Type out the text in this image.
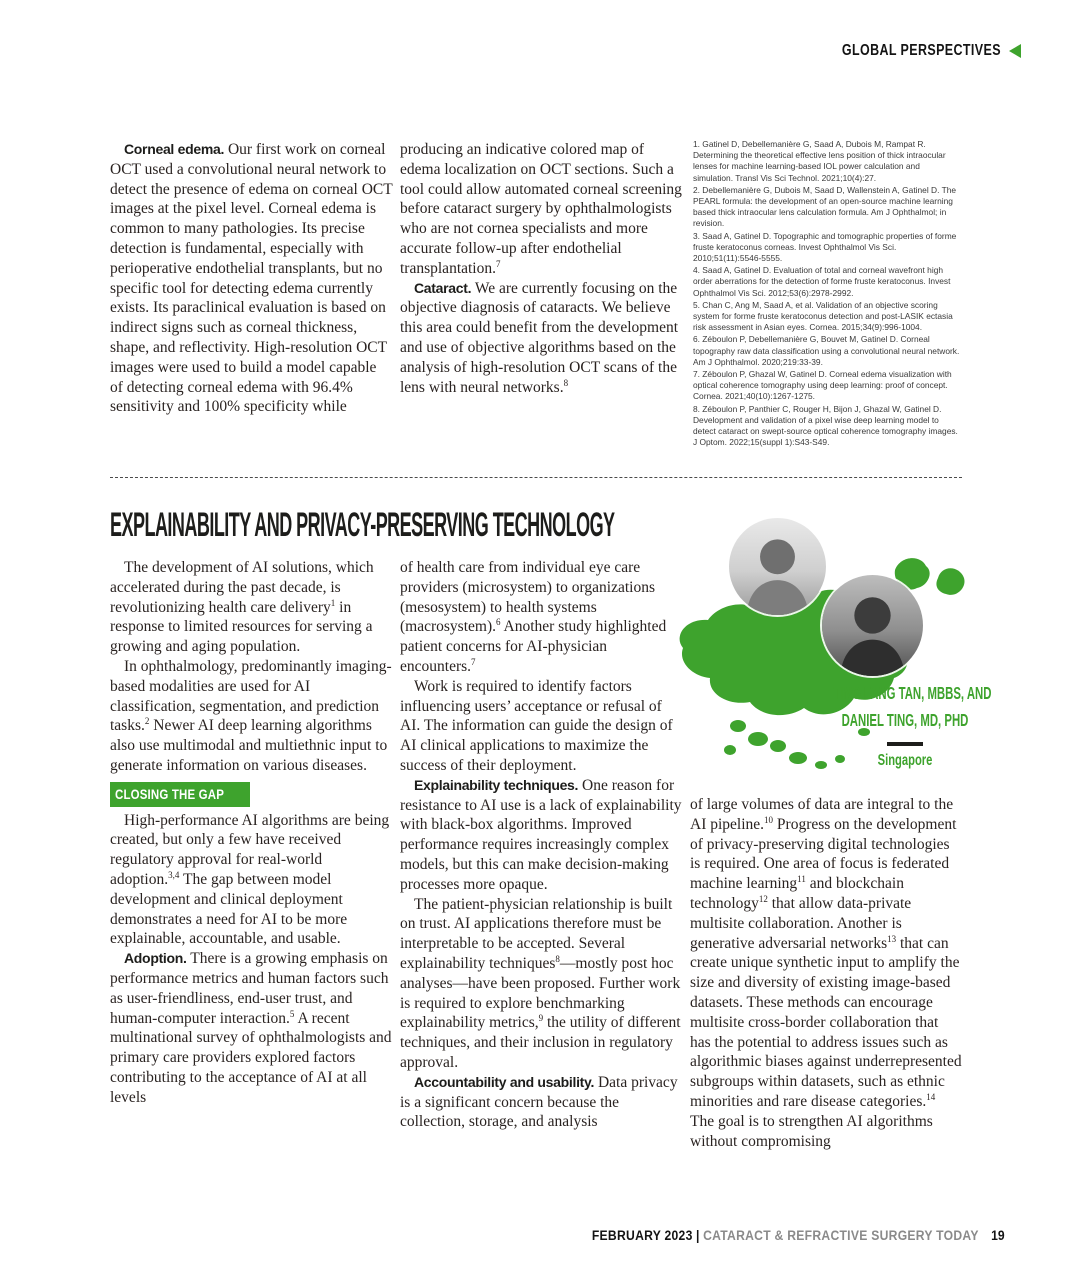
GLOBAL PERSPECTIVES

Corneal edema. Our first work on corneal OCT used a convolutional neural network to detect the presence of edema on corneal OCT images at the pixel level. Corneal edema is common to many pathologies. Its precise detection is fundamental, especially with perioperative endothelial transplants, but no specific tool for detecting edema currently exists. Its paraclinical evaluation is based on indirect signs such as corneal thickness, shape, and reflectivity. High-resolution OCT images were used to build a model capable of detecting corneal edema with 96.4% sensitivity and 100% specificity while

producing an indicative colored map of edema localization on OCT sections. Such a tool could allow automated corneal screening before cataract surgery by ophthalmologists who are not cornea specialists and more accurate follow-up after endothelial transplantation.$^7$

Cataract. We are currently focusing on the objective diagnosis of cataracts. We believe this area could benefit from the development and use of objective algorithms based on the analysis of high-resolution OCT scans of the lens with neural networks.$^8$

1. Gatinel D, Debellemanière G, Saad A, Dubois M, Rampat R. Determining the theoretical effective lens position of thick intraocular lenses for machine learning-based IOL power calculation and simulation. Transl Vis Sci Technol. 2021;10(4):27.

2. Debellemanière G, Dubois M, Saad D, Wallenstein A, Gatinel D. The PEARL formula: the development of an open-source machine learning based thick intraocular lens calculation formula. Am J Ophthalmol; in revision.

3. Saad A, Gatinel D. Topographic and tomographic properties of forme fruste keratoconus corneas. Invest Ophthalmol Vis Sci. 2010;51(11):5546-5555.

4. Saad A, Gatinel D. Evaluation of total and corneal wavefront high order aberrations for the detection of forme fruste keratoconus. Invest Ophthalmol Vis Sci. 2012;53(6):2978-2992.

5. Chan C, Ang M, Saad A, et al. Validation of an objective scoring system for forme fruste keratoconus detection and post-LASIK ectasia risk assessment in Asian eyes. Cornea. 2015;34(9):996-1004.

6. Zéboulon P, Debellemanière G, Bouvet M, Gatinel D. Corneal topography raw data classification using a convolutional neural network. Am J Ophthalmol. 2020;219:33-39.

7. Zéboulon P, Ghazal W, Gatinel D. Corneal edema visualization with optical coherence tomography using deep learning: proof of concept. Cornea. 2021;40(10):1267-1275.

8. Zéboulon P, Panthier C, Rouger H, Bijon J, Ghazal W, Gatinel D. Development and validation of a pixel wise deep learning model to detect cataract on swept-source optical coherence tomography images. J Optom. 2022;15(suppl 1):S43-S49.

EXPLAINABILITY AND PRIVACY-PRESERVING TECHNOLOGY

The development of AI solutions, which accelerated during the past decade, is revolutionizing health care delivery$^1$ in response to limited resources for serving a growing and aging population.

In ophthalmology, predominantly imaging-based modalities are used for AI classification, segmentation, and prediction tasks.$^2$ Newer AI deep learning algorithms also use multimodal and multiethnic input to generate information on various diseases.

CLOSING THE GAP

High-performance AI algorithms are being created, but only a few have received regulatory approval for real-world adoption.$^{3,4}$ The gap between model development and clinical deployment demonstrates a need for AI to be more explainable, accountable, and usable.

Adoption. There is a growing emphasis on performance metrics and human factors such as user-friendliness, end-user trust, and human-computer interaction.$^5$ A recent multinational survey of ophthalmologists and primary care providers explored factors contributing to the acceptance of AI at all levels

of health care from individual eye care providers (microsystem) to organizations (mesosystem) to health systems (macrosystem).$^6$ Another study highlighted patient concerns for AI-physician encounters.$^7$

Work is required to identify factors influencing users’ acceptance or refusal of AI. The information can guide the design of AI clinical applications to maximize the success of their deployment.

Explainability techniques. One reason for resistance to AI use is a lack of explainability with black-box algorithms. Improved performance requires increasingly complex models, but this can make decision-making processes more opaque.

The patient-physician relationship is built on trust. AI applications therefore must be interpretable to be accepted. Several explainability techniques$^8$—mostly post hoc analyses—have been proposed. Further work is required to explore benchmarking explainability metrics,$^9$ the utility of different techniques, and their inclusion in regulatory approval.

Accountability and usability. Data privacy is a significant concern because the collection, storage, and analysis

TING FANG TAN, MBBS, AND
DANIEL TING, MD, PHD
Singapore

of large volumes of data are integral to the AI pipeline.$^{10}$ Progress on the development of privacy-preserving digital technologies is required. One area of focus is federated machine learning$^{11}$ and blockchain technology$^{12}$ that allow data-private multisite collaboration. Another is generative adversarial networks$^{13}$ that can create unique synthetic input to amplify the size and diversity of existing image-based datasets. These methods can encourage multisite cross-border collaboration that has the potential to address issues such as algorithmic biases against underrepresented subgroups within datasets, such as ethnic minorities and rare disease categories.$^{14}$ The goal is to strengthen AI algorithms without compromising

FEBRUARY 2023 | CATARACT & REFRACTIVE SURGERY TODAY 19
